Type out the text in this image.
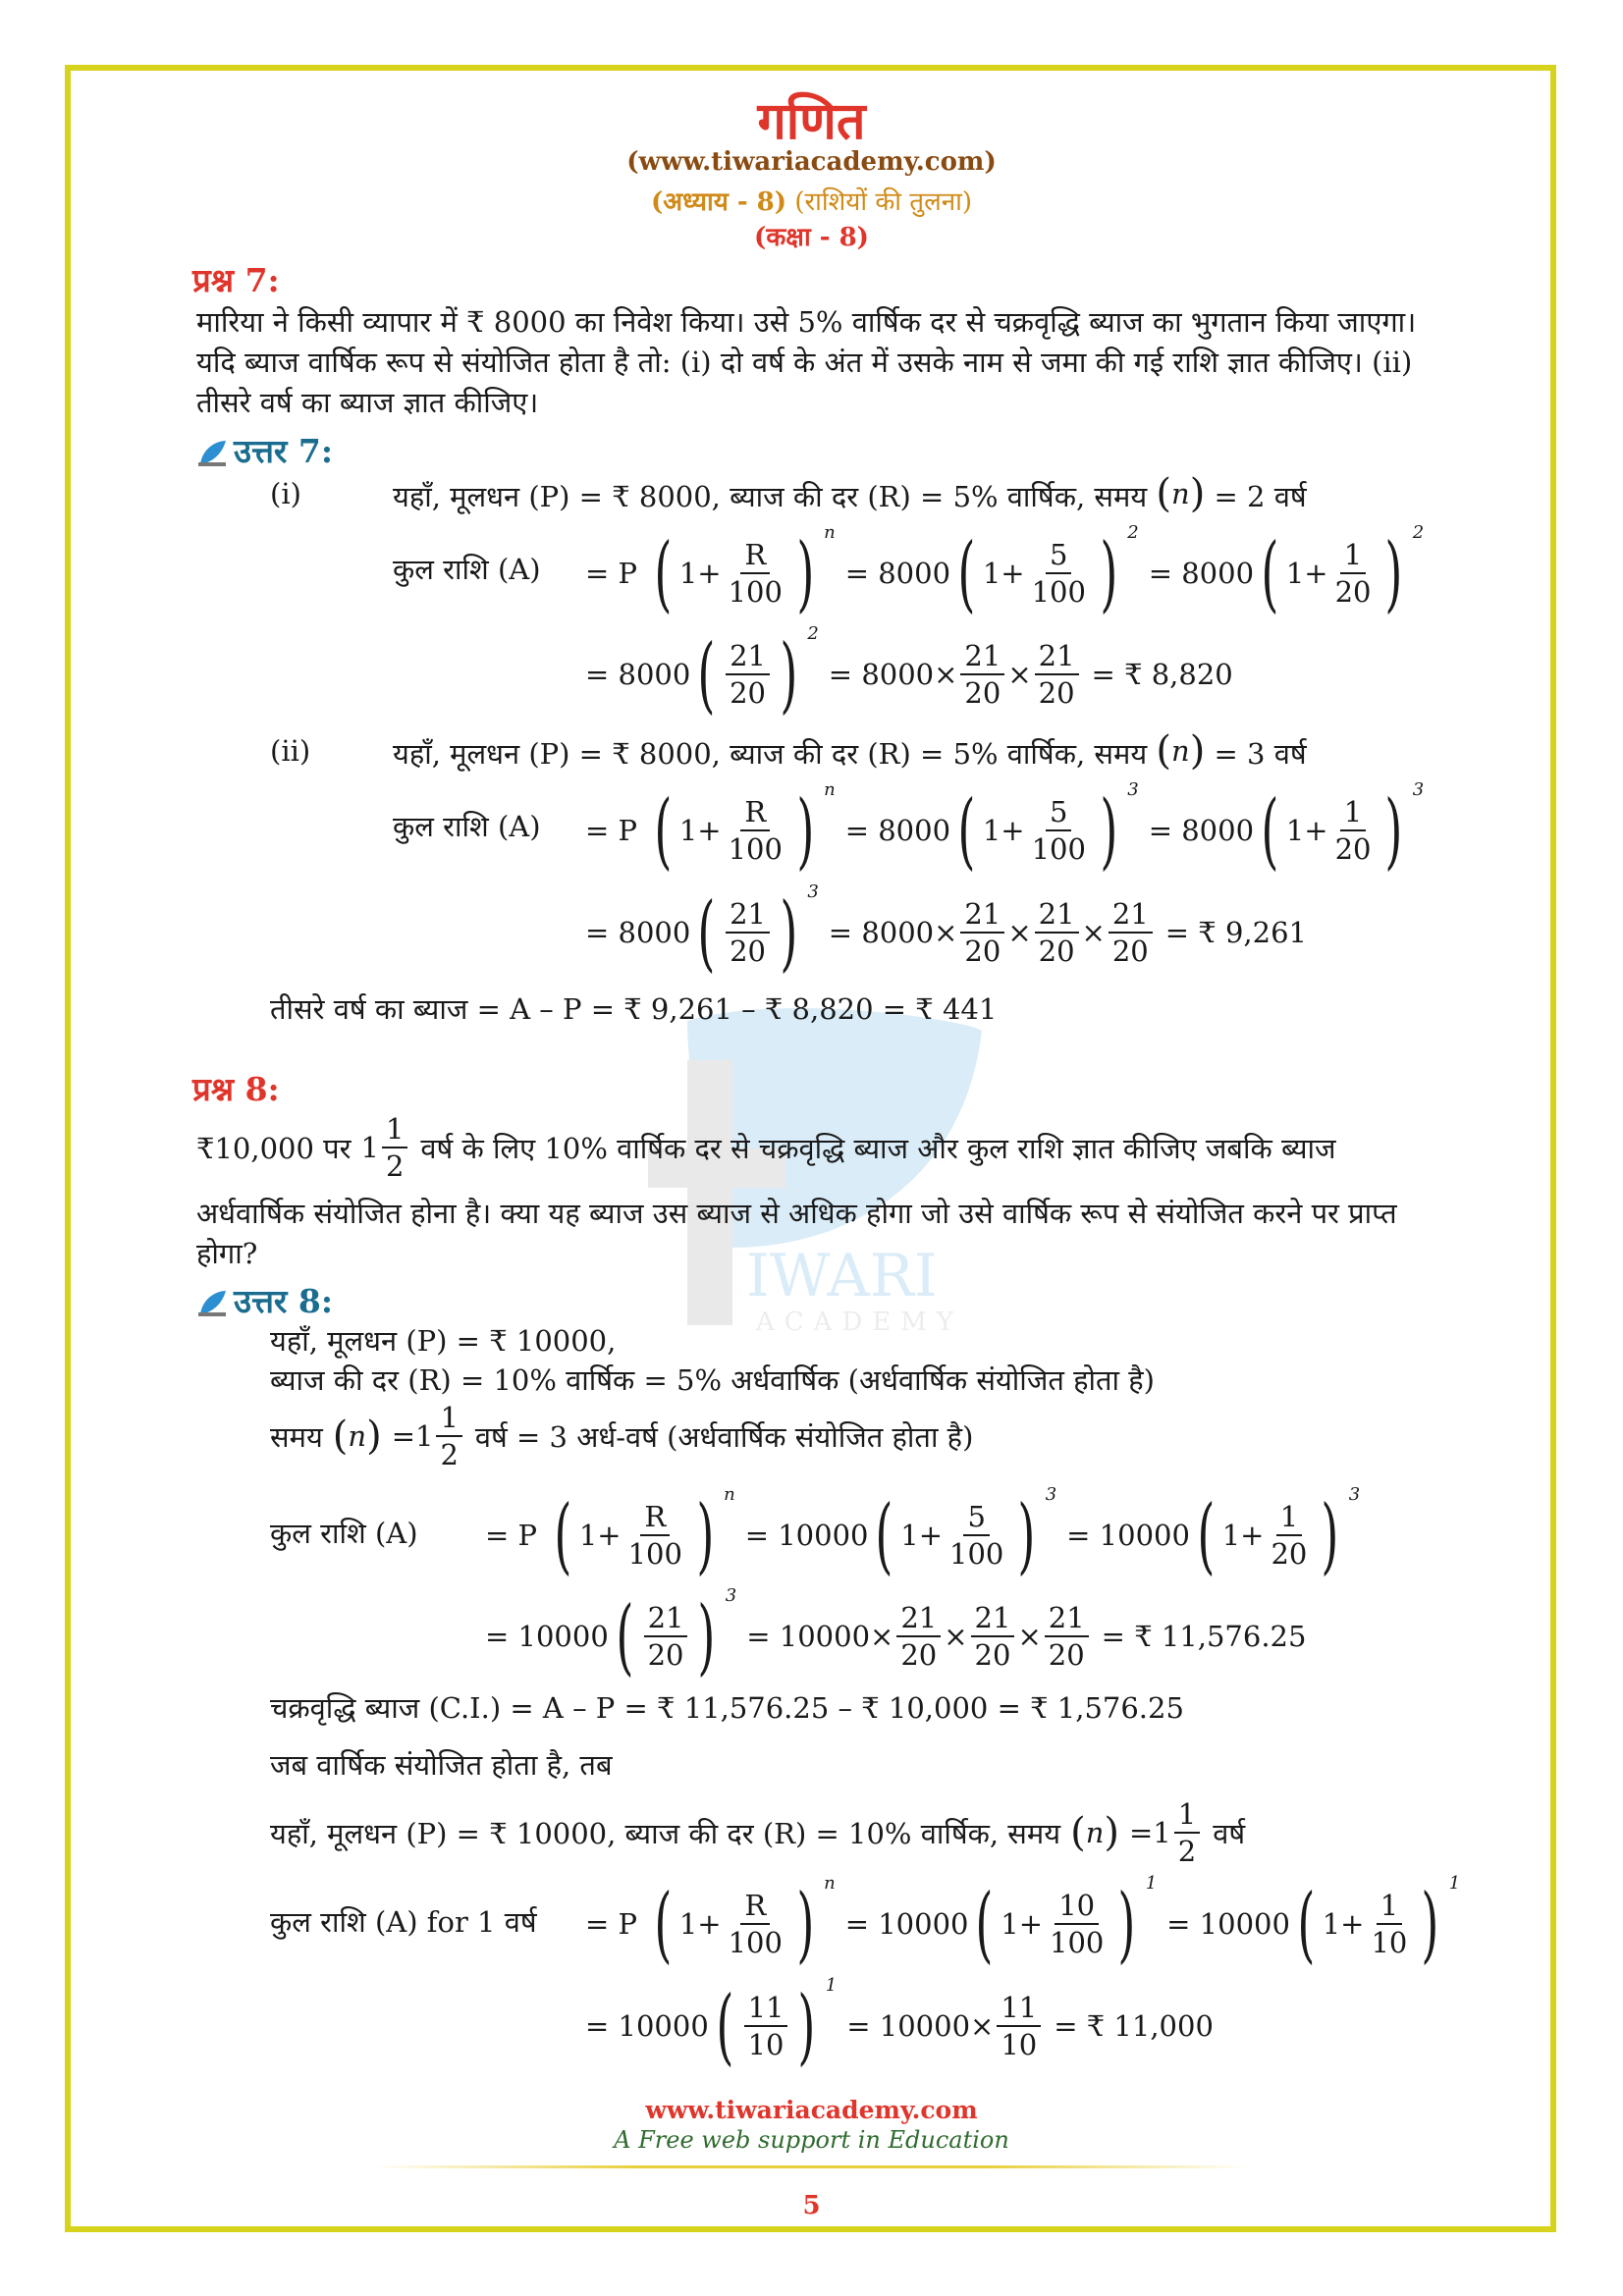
IWARI
ACADEMY
गणित
(www.tiwariacademy.com)
(अध्याय - 8) (राशियों की तुलना)
(कक्षा - 8)
प्रश्न 7:
मारिया ने किसी व्यापार में ₹ 8000 का निवेश किया। उसे 5% वार्षिक दर से चक्रवृद्धि ब्याज का भुगतान किया जाएगा। यदि ब्याज वार्षिक रूप से संयोजित होता है तो: (i) दो वर्ष के अंत में उसके नाम से जमा की गई राशि ज्ञात कीजिए। (ii) तीसरे वर्ष का ब्याज ज्ञात कीजिए।
उत्तर 7:
(i)	यहाँ, मूलधन (P) = ₹ 8000, ब्याज की दर (R) = 5% वार्षिक, समय ( n ) = 2 वर्ष
कुल राशि (A) = P ( $1+ \frac{R}{100}$ ) $^n$
= 8000 ( $1+ \frac{5}{100}$ ) $^2$
= 8000 ( $1+ \frac{1}{20}$ ) $^2$
= 8000 ( $\frac{21}{20}$ ) $^2$
= $8000\times \frac{21}{20} \times \frac{21}{20}$ = ₹ 8,820
(ii)	यहाँ, मूलधन (P) = ₹ 8000, ब्याज की दर (R) = 5% वार्षिक, समय ( n ) = 3 वर्ष
कुल राशि (A) = P ( $1+ \frac{R}{100}$ ) $^n$
= 8000 ( $1+ \frac{5}{100}$ ) $^3$
= 8000 ( $1+ \frac{1}{20}$ ) $^3$
= 8000 ( $\frac{21}{20}$ ) $^3$
= $8000\times \frac{21}{20} \times \frac{21}{20} \times \frac{21}{20}$ = ₹ 9,261
तीसरे वर्ष का ब्याज = A – P = ₹ 9,261 – ₹ 8,820 = ₹ 441
प्रश्न 8:
₹10,000 पर $1 \frac{1}{2}$ वर्ष के लिए 10% वार्षिक दर से चक्रवृद्धि ब्याज और कुल राशि ज्ञात कीजिए जबकि ब्याज
अर्धवार्षिक संयोजित होना है। क्या यह ब्याज उस ब्याज से अधिक होगा जो उसे वार्षिक रूप से संयोजित करने पर प्राप्त होगा?
उत्तर 8:
यहाँ, मूलधन (P) = ₹ 10000,
ब्याज की दर (R) = 10% वार्षिक = 5% अर्धवार्षिक (अर्धवार्षिक संयोजित होता है)
समय ( n ) = $1 \frac{1}{2}$ वर्ष = 3 अर्ध-वर्ष (अर्धवार्षिक संयोजित होता है)
कुल राशि (A) = P ( $1+ \frac{R}{100}$ ) $^n$
= 10000 ( $1+ \frac{5}{100}$ ) $^3$
= 10000 ( $1+ \frac{1}{20}$ ) $^3$
= 10000 ( $\frac{21}{20}$ ) $^3$
= $10000\times \frac{21}{20} \times \frac{21}{20} \times \frac{21}{20}$ = ₹ 11,576.25
चक्रवृद्धि ब्याज (C.I.) = A – P = ₹ 11,576.25 – ₹ 10,000 = ₹ 1,576.25
जब वार्षिक संयोजित होता है, तब
यहाँ, मूलधन (P) = ₹ 10000, ब्याज की दर (R) = 10% वार्षिक, समय ( n ) = $1 \frac{1}{2}$ वर्ष
कुल राशि (A) for 1 वर्ष = P ( $1+ \frac{R}{100}$ ) $^n$
= 10000 ( $1+ \frac{10}{100}$ ) $^1$
= 10000 ( $1+ \frac{1}{10}$ ) $^1$
= 10000 ( $\frac{11}{10}$ ) $^1$
= $10000\times \frac{11}{10}$ = ₹ 11,000
www.tiwariacademy.com
A Free web support in Education
5
